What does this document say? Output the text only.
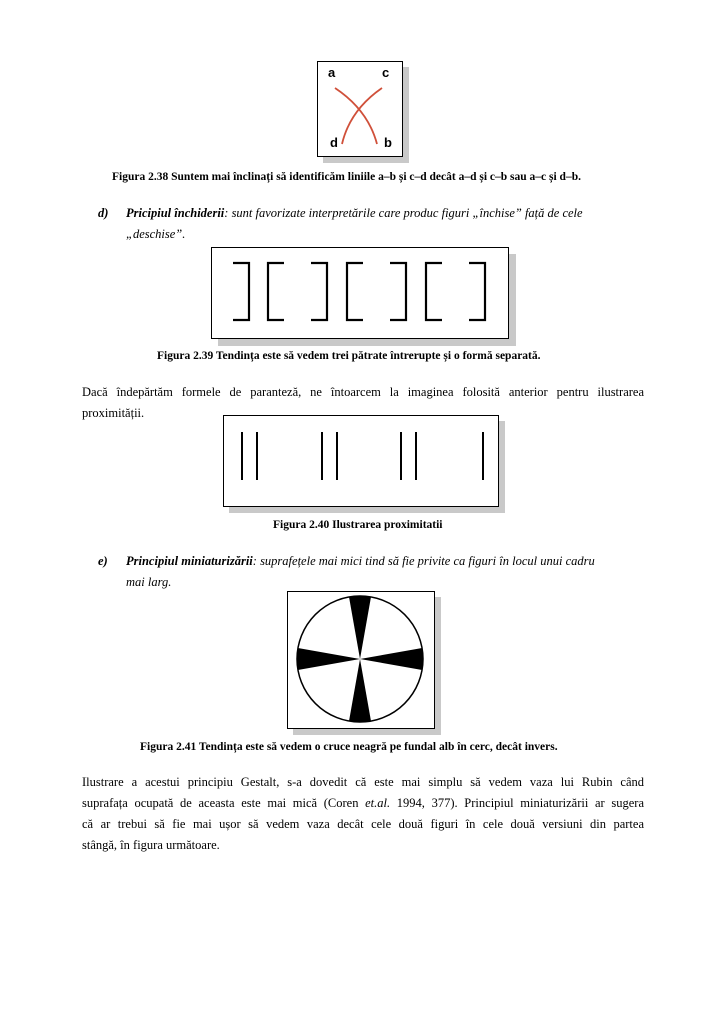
a	c
d	b
Figura 2.38 Suntem mai înclinați să identificăm liniile a–b și c–d decât a–d și c–b sau a–c și d–b.
d)	Pricipiul închiderii: sunt favorizate interpretările care produc figuri „închise” față de cele
„deschise”.
Figura 2.39 Tendința este să vedem trei pătrate întrerupte și o formă separată.
Dacă îndepărtăm formele de paranteză, ne întoarcem la imaginea folosită anterior pentru ilustrarea
proximității.
Figura 2.40 Ilustrarea proximitatii
e)	Principiul miniaturizării: suprafețele mai mici tind să fie privite ca figuri în locul unui cadru
mai larg.
Figura 2.41 Tendința este să vedem o cruce neagră pe fundal alb în cerc, decât invers.
Ilustrare a acestui principiu Gestalt, s-a dovedit că este mai simplu să vedem vaza lui Rubin când
suprafața ocupată de aceasta este mai mică (Coren et.al. 1994, 377). Principiul miniaturizării ar sugera
că ar trebui să fie mai ușor să vedem vaza decât cele două figuri în cele două versiuni din partea
stângă, în figura următoare.
